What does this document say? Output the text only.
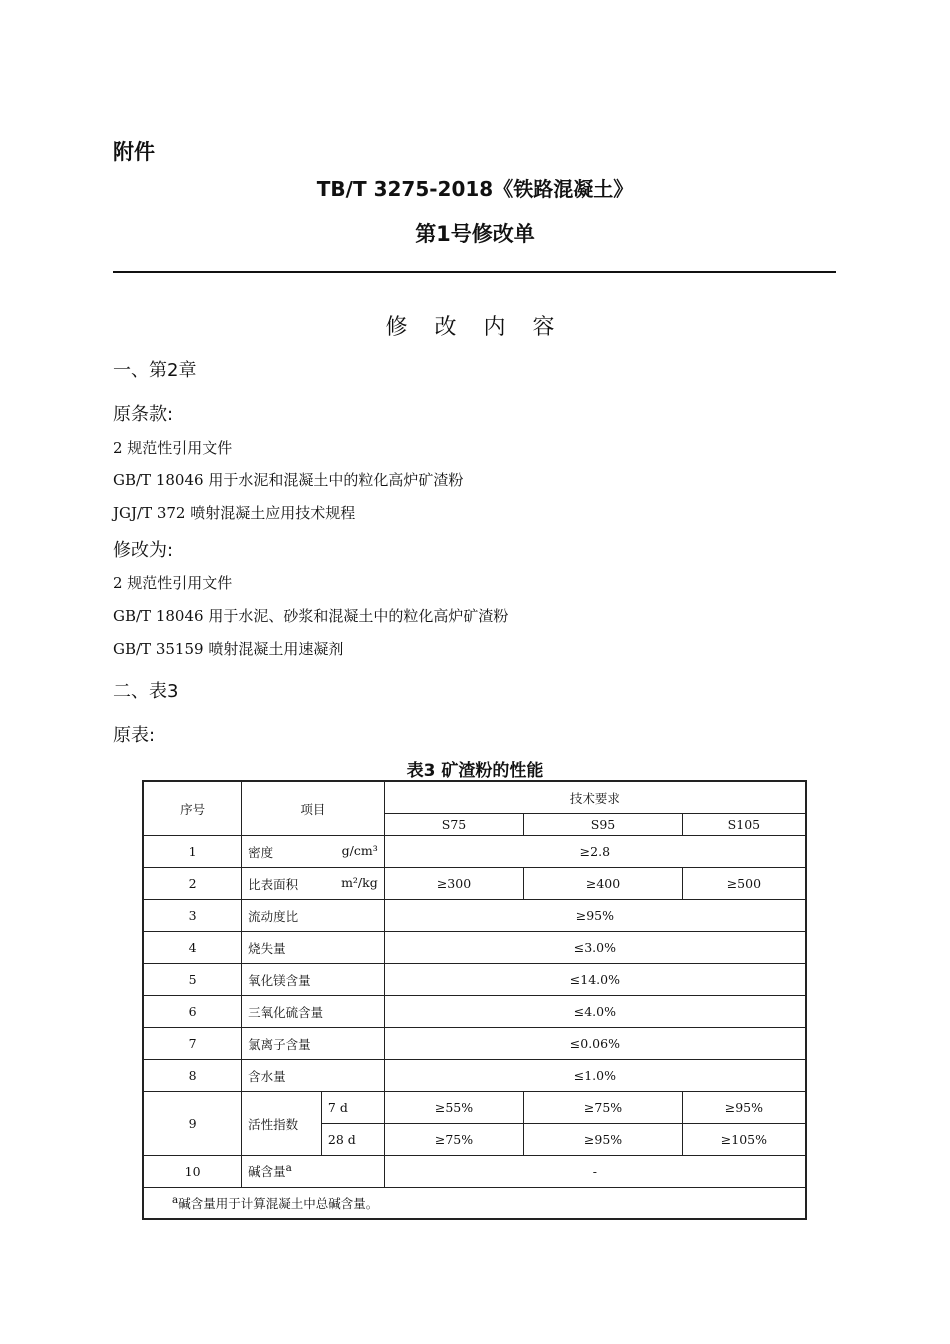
附件
TB/T 3275-2018《铁路混凝土》
第1号修改单
修 改 内 容
一、第2章
原条款:
2 规范性引用文件
GB/T 18046 用于水泥和混凝土中的粒化高炉矿渣粉
JGJ/T 372 喷射混凝土应用技术规程
修改为:
2 规范性引用文件
GB/T 18046 用于水泥、砂浆和混凝土中的粒化高炉矿渣粉
GB/T 35159 喷射混凝土用速凝剂
二、表3
原表:
表3 矿渣粉的性能
序号	项目		技术要求		
			S75	S95	S105
1	密度 g/cm³		≥2.8		
2	比表面积 m²/kg		≥300	≥400	≥500
3	流动度比		≥95%		
4	烧失量		≤3.0%		
5	氧化镁含量		≤14.0%		
6	三氧化硫含量		≤4.0%		
7	氯离子含量		≤0.06%		
8	含水量		≤1.0%		
9	活性指数	7 d	≥55%	≥75%	≥95%
		28 d	≥75%	≥95%	≥105%
10	碱含量$^a$		-		
$^a$碱含量用于计算混凝土中总碱含量。					
